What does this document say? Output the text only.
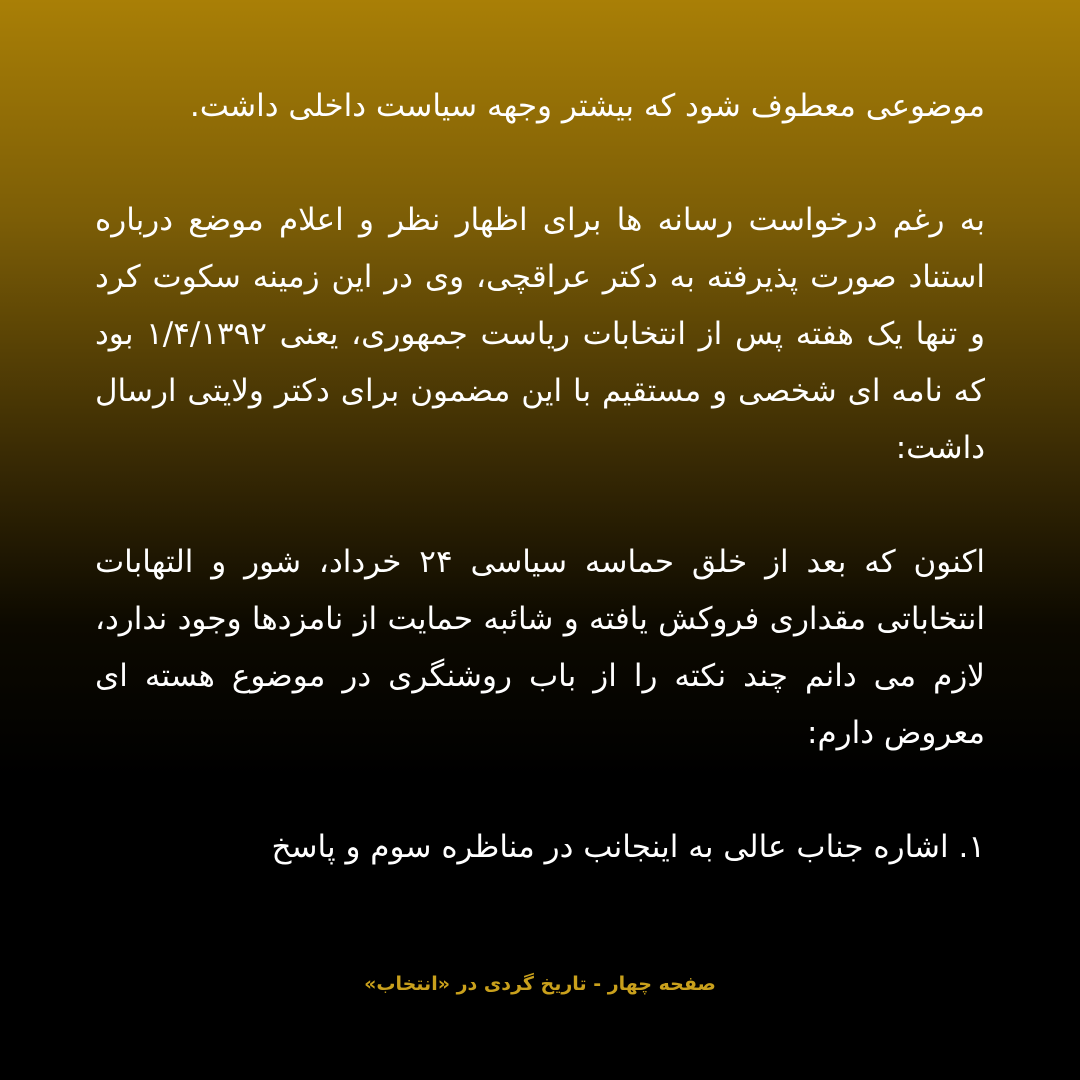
موضوعی معطوف شود که بیشتر وجهه سیاست داخلی داشت.

به رغم درخواست رسانه ها برای اظهار نظر و اعلام موضع درباره استناد صورت پذیرفته به دکتر عراقچی، وی در این زمینه سکوت کرد و تنها یک هفته پس از انتخابات ریاست جمهوری، یعنی ۱/۴/۱۳۹۲ بود که نامه ای شخصی و مستقیم با این مضمون برای دکتر ولایتی ارسال داشت:

اکنون که بعد از خلق حماسه سیاسی ۲۴ خرداد، شور و التهابات انتخاباتی مقداری فروکش یافته و شائبه حمایت از نامزدها وجود ندارد، لازم می دانم چند نکته را از باب روشنگری در موضوع هسته ای معروض دارم:

۱. اشاره جناب عالی به اینجانب در مناظره سوم و پاسخ

صفحه چهار - تاریخ گردی در «انتخاب»
